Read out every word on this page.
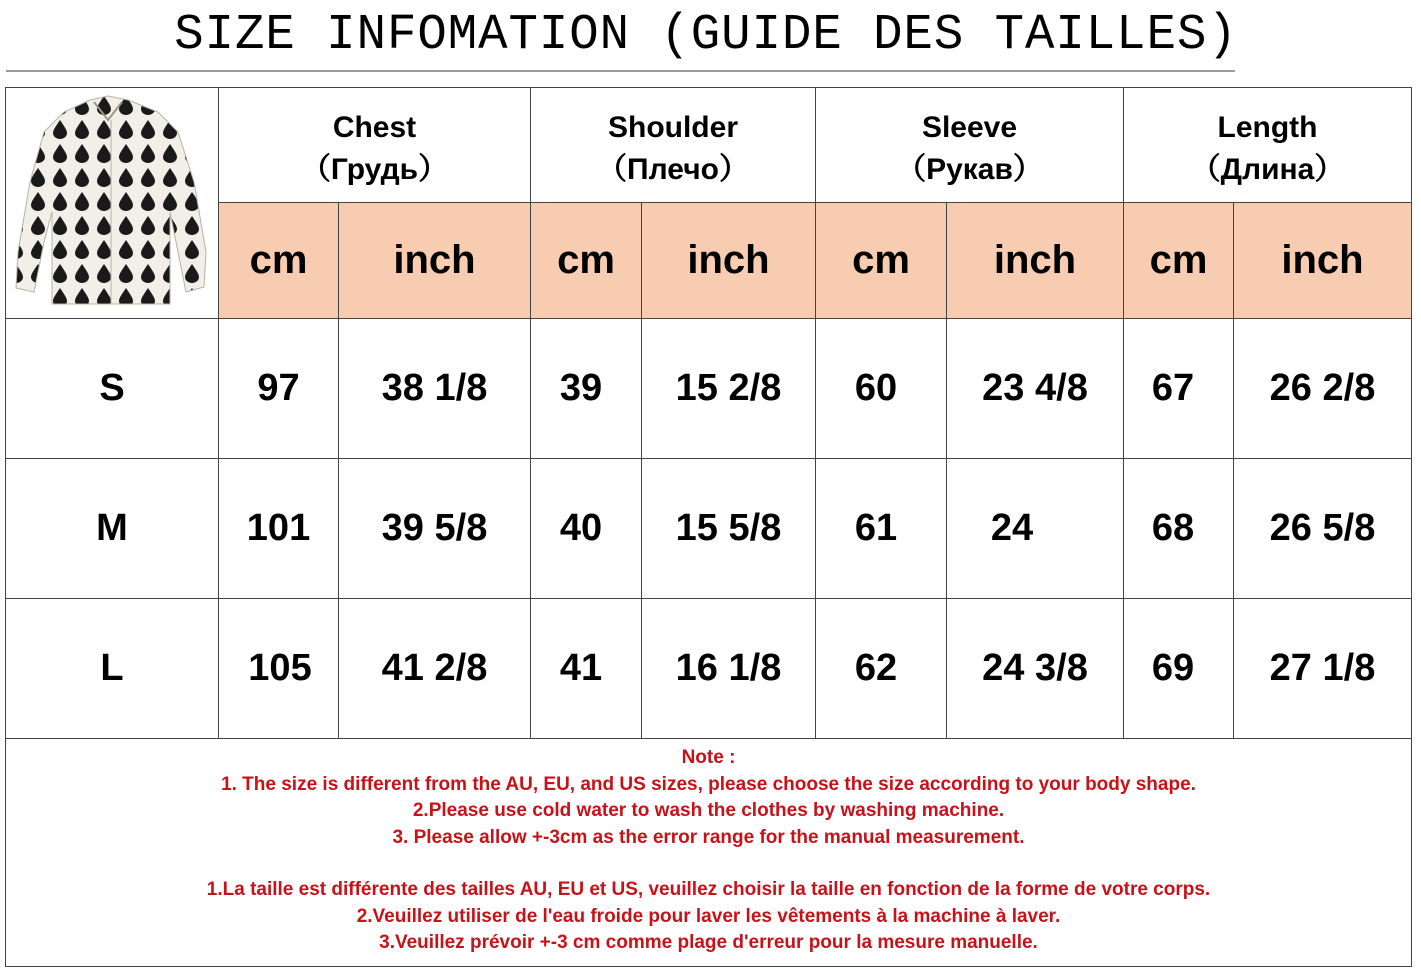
SIZE INFOMATION (GUIDE DES TAILLES)
Chest
（Грудь）
Shoulder
（Плечо）
Sleeve
（Рукав）
Length
（Длина）
cm	inch	cm	inch	cm	inch	cm	inch
S	97	38 1/8	39	15 2/8	60	23 4/8	67	26 2/8
M	101	39 5/8	40	15 5/8	61	24	68	26 5/8
L	105	41 2/8	41	16 1/8	62	24 3/8	69	27 1/8
Note :
1. The size is different from the AU, EU, and US sizes, please choose the size according to your body shape.
2.Please use cold water to wash the clothes by washing machine.
3. Please allow +-3cm as the error range for the manual measurement.
1.La taille est différente des tailles AU, EU et US, veuillez choisir la taille en fonction de la forme de votre corps.
2.Veuillez utiliser de l'eau froide pour laver les vêtements à la machine à laver.
3.Veuillez prévoir +-3 cm comme plage d'erreur pour la mesure manuelle.
